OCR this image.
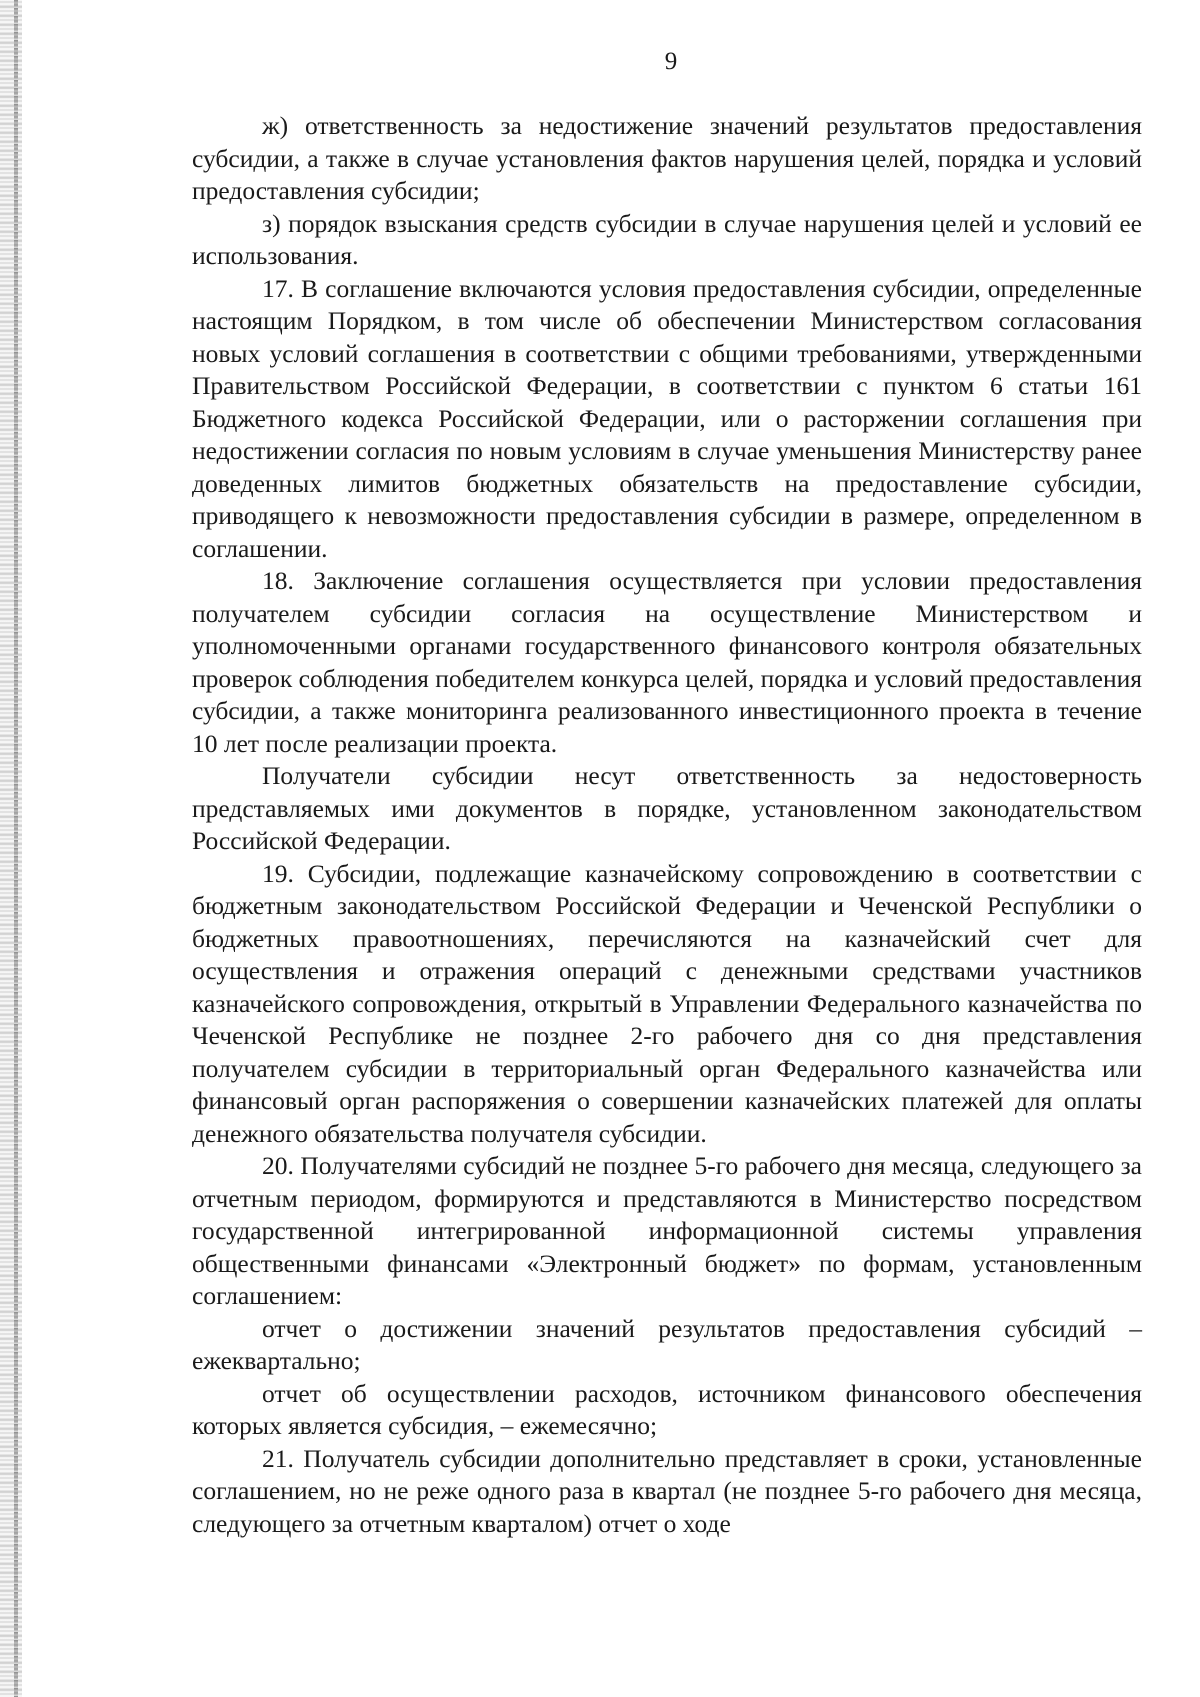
9

ж) ответственность за недостижение значений результатов предоставления субсидии, а также в случае установления фактов нарушения целей, порядка и условий предоставления субсидии;

з) порядок взыскания средств субсидии в случае нарушения целей и условий ее использования.

17. В соглашение включаются условия предоставления субсидии, определенные настоящим Порядком, в том числе об обеспечении Министерством согласования новых условий соглашения в соответствии с общими требованиями, утвержденными Правительством Российской Федерации, в соответствии с пунктом 6 статьи 161 Бюджетного кодекса Российской Федерации, или о расторжении соглашения при недостижении согласия по новым условиям в случае уменьшения Министерству ранее доведенных лимитов бюджетных обязательств на предоставление субсидии, приводящего к невозможности предоставления субсидии в размере, определенном в соглашении.

18. Заключение соглашения осуществляется при условии предоставления получателем субсидии согласия на осуществление Министерством и уполномоченными органами государственного финансового контроля обязательных проверок соблюдения победителем конкурса целей, порядка и условий предоставления субсидии, а также мониторинга реализованного инвестиционного проекта в течение 10 лет после реализации проекта.

Получатели субсидии несут ответственность за недостоверность представляемых ими документов в порядке, установленном законодательством Российской Федерации.

19. Субсидии, подлежащие казначейскому сопровождению в соответствии с бюджетным законодательством Российской Федерации и Чеченской Республики о бюджетных правоотношениях, перечисляются на казначейский счет для осуществления и отражения операций с денежными средствами участников казначейского сопровождения, открытый в Управлении Федерального казначейства по Чеченской Республике не позднее 2-го рабочего дня со дня представления получателем субсидии в территориальный орган Федерального казначейства или финансовый орган распоряжения о совершении казначейских платежей для оплаты денежного обязательства получателя субсидии.

20. Получателями субсидий не позднее 5-го рабочего дня месяца, следующего за отчетным периодом, формируются и представляются в Министерство посредством государственной интегрированной информационной системы управления общественными финансами «Электронный бюджет» по формам, установленным соглашением:

отчет о достижении значений результатов предоставления субсидий – ежеквартально;

отчет об осуществлении расходов, источником финансового обеспечения которых является субсидия, – ежемесячно;

21. Получатель субсидии дополнительно представляет в сроки, установленные соглашением, но не реже одного раза в квартал (не позднее 5-го рабочего дня месяца, следующего за отчетным кварталом) отчет о ходе
